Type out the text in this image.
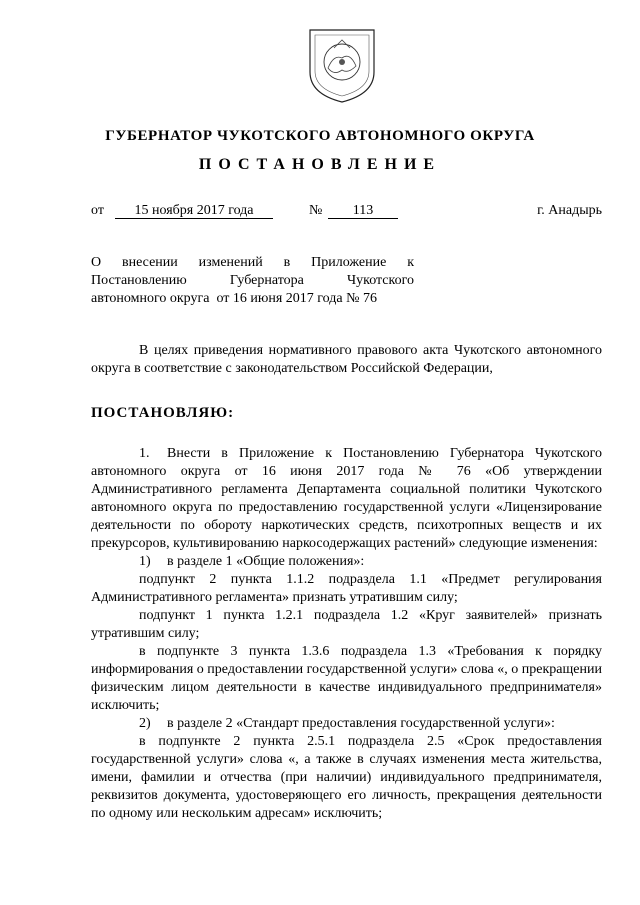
ГУБЕРНАТОР ЧУКОТСКОГО АВТОНОМНОГО ОКРУГА
ПОСТАНОВЛЕНИЕ
от	15 ноября 2017 года	№	113	г. Анадырь
О внесении изменений в Приложение к
Постановлению	Губернатора	Чукотского
автономного округа  от 16 июня 2017 года № 76

В целях приведения нормативного правового акта Чукотского автономного округа в соответствие с законодательством Российской Федерации,

ПОСТАНОВЛЯЮ:

1. Внести в Приложение к Постановлению Губернатора Чукотского автономного округа от 16 июня 2017 года № 76 «Об утверждении Административного регламента Департамента социальной политики Чукотского автономного округа по предоставлению государственной услуги «Лицензирование деятельности по обороту наркотических средств, психотропных веществ и их прекурсоров, культивированию наркосодержащих растений» следующие изменения:

1) в разделе 1 «Общие положения»:

подпункт 2 пункта 1.1.2 подраздела 1.1 «Предмет регулирования Административного регламента» признать утратившим силу;

подпункт 1 пункта 1.2.1 подраздела 1.2 «Круг заявителей» признать утратившим силу;

в подпункте 3 пункта 1.3.6 подраздела 1.3 «Требования к порядку информирования о предоставлении государственной услуги» слова «, о прекращении физическим лицом деятельности в качестве индивидуального предпринимателя» исключить;

2) в разделе 2 «Стандарт предоставления государственной услуги»:

в подпункте 2 пункта 2.5.1 подраздела 2.5 «Срок предоставления государственной услуги» слова «, а также в случаях изменения места жительства, имени, фамилии и отчества (при наличии) индивидуального предпринимателя, реквизитов документа, удостоверяющего его личность, прекращения деятельности по одному или нескольким адресам» исключить;
